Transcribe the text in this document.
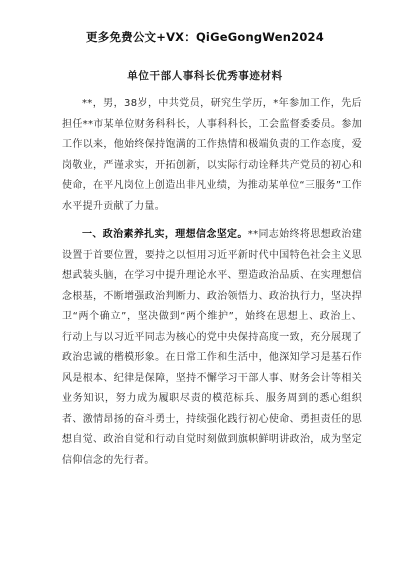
更多免费公文+VX：QiGeGongWen2024
单位干部人事科长优秀事迹材料

**，男，38岁，中共党员，研究生学历，*年参加工作，先后担任**市某单位财务科科长，人事科科长，工会监督委委员。参加工作以来，他始终保持饱满的工作热情和极端负责的工作态度，爱岗敬业，严谨求实，开拓创新，以实际行动诠释共产党员的初心和使命，在平凡岗位上创造出非凡业绩，为推动某单位“三服务”工作水平提升贡献了力量。

一、政治素养扎实，理想信念坚定。**同志始终将思想政治建设置于首要位置，要持之以恒用习近平新时代中国特色社会主义思想武装头脑，在学习中提升理论水平、塑造政治品质、在实理想信念根基，不断增强政治判断力、政治领悟力、政治执行力，坚决捍卫“两个确立”，坚决做到“两个维护”，始终在思想上、政治上、行动上与以习近平同志为核心的党中央保持高度一致，充分展现了政治忠诚的楷模形象。在日常工作和生活中，他深知学习是基石作风是根本、纪律是保障，坚持不懈学习干部人事、财务会计等相关业务知识，努力成为履职尽责的模范标兵、服务周到的悉心组织者、激情昂扬的奋斗勇士，持续强化践行初心使命、勇担责任的思想自觉、政治自觉和行动自觉时刻做到旗帜鲜明讲政治，成为坚定信仰信念的先行者。
